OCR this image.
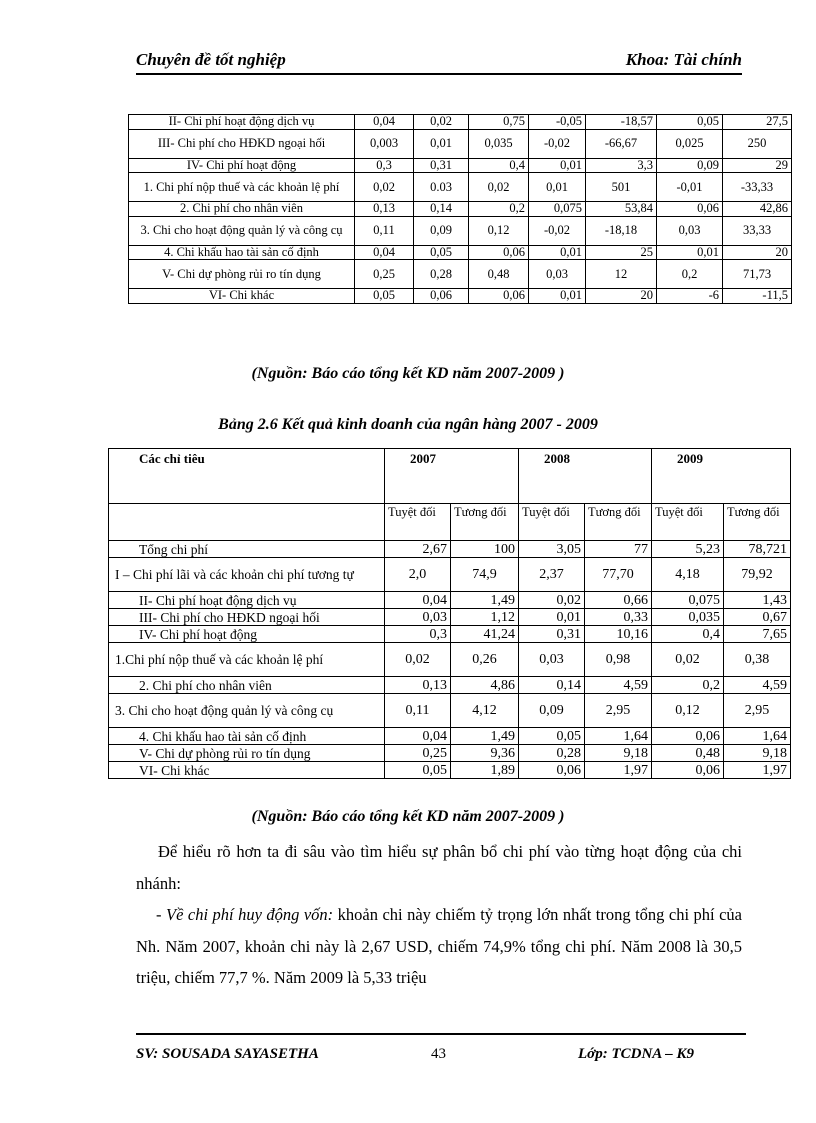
Chuyên đề tốt nghiệp	Khoa: Tài chính
II- Chi phí hoạt động dịch vụ	0,04	0,02	0,75	-0,05	-18,57	0,05	27,5
III- Chi phí cho HĐKD ngoại hối	0,003	0,01	0,035	-0,02	-66,67	0,025	250
IV- Chi phí hoạt động	0,3	0,31	0,4	0,01	3,3	0,09	29
1. Chi phí nộp thuế và các khoản lệ phí	0,02	0.03	0,02	0,01	501	-0,01	-33,33
2. Chi phí cho nhân viên	0,13	0,14	0,2	0,075	53,84	0,06	42,86
3. Chi cho hoạt động quản lý và công cụ	0,11	0,09	0,12	-0,02	-18,18	0,03	33,33
4. Chi khấu hao tài sản cố định	0,04	0,05	0,06	0,01	25	0,01	20
V- Chi dự phòng rủi ro tín dụng	0,25	0,28	0,48	0,03	12	0,2	71,73
VI- Chi khác	0,05	0,06	0,06	0,01	20	-6	-11,5
(Nguồn: Báo cáo tổng kết KD năm 2007-2009 )
Bảng 2.6 Kết quả kinh doanh của ngân hàng 2007 - 2009
Các chỉ tiêu	2007		2008		2009	
	Tuyệt đối	Tương đối	Tuyệt đối	Tương đối	Tuyệt đối	Tương đối
Tổng chi phí	2,67	100	3,05	77	5,23	78,721
I – Chi phí lãi và các khoản chi phí tương tự	2,0	74,9	2,37	77,70	4,18	79,92
II- Chi phí hoạt động dịch vụ	0,04	1,49	0,02	0,66	0,075	1,43
III- Chi phí cho HĐKD ngoại hối	0,03	1,12	0,01	0,33	0,035	0,67
IV- Chi phí hoạt động	0,3	41,24	0,31	10,16	0,4	7,65
1.Chi phí nộp thuế và các khoản lệ phí	0,02	0,26	0,03	0,98	0,02	0,38
2. Chi phí cho nhân viên	0,13	4,86	0,14	4,59	0,2	4,59
3. Chi cho hoạt động quản lý và công cụ	0,11	4,12	0,09	2,95	0,12	2,95
4. Chi khấu hao tài sản cố định	0,04	1,49	0,05	1,64	0,06	1,64
V- Chi dự phòng rủi ro tín dụng	0,25	9,36	0,28	9,18	0,48	9,18
VI- Chi khác	0,05	1,89	0,06	1,97	0,06	1,97
(Nguồn: Báo cáo tổng kết KD năm 2007-2009 )
Để hiểu rõ hơn ta đi sâu vào tìm hiểu sự phân bổ chi phí vào từng hoạt động của chi nhánh:
- Về chi phí huy động vốn: khoản chi này chiếm tỷ trọng lớn nhất trong tổng chi phí của Nh. Năm 2007, khoản chi này là 2,67 USD, chiếm 74,9% tổng chi phí. Năm 2008 là 30,5 triệu, chiếm 77,7 %. Năm 2009 là 5,33 triệu
SV: SOUSADA SAYASETHA	43	Lớp: TCDNA – K9
